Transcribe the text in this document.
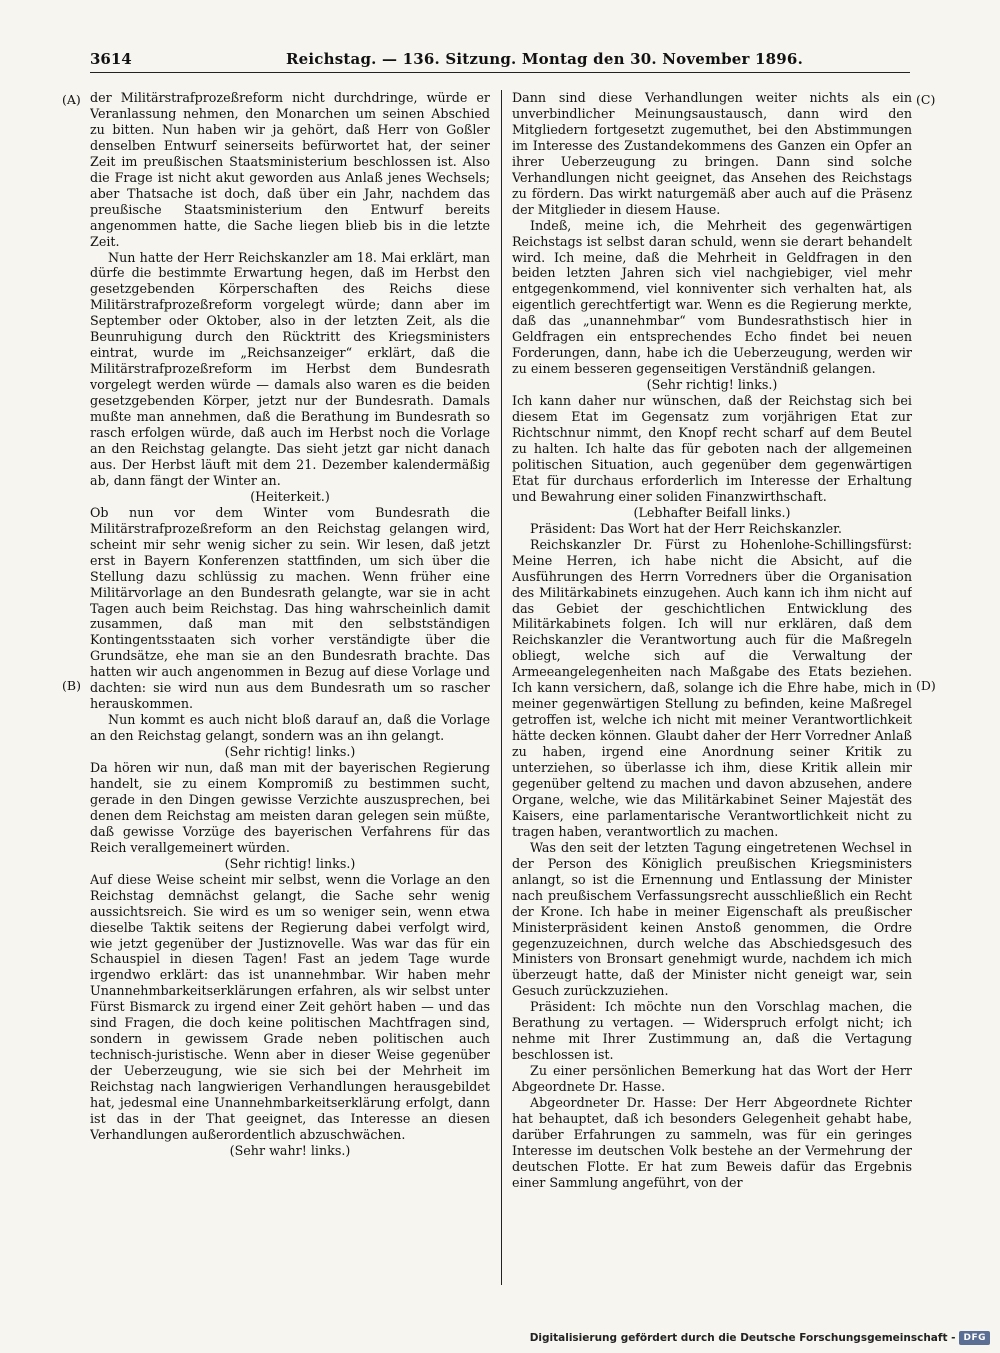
3614	Reichstag. — 136. Sitzung. Montag den 30. November 1896.
(A)
(B)
(C)
(D)

der Militärstrafprozeßreform nicht durchdringe, würde er Veranlassung nehmen, den Monarchen um seinen Abschied zu bitten. Nun haben wir ja gehört, daß Herr von Goßler denselben Entwurf seinerseits befürwortet hat, der seiner Zeit im preußischen Staatsministerium beschlossen ist. Also die Frage ist nicht akut geworden aus Anlaß jenes Wechsels; aber Thatsache ist doch, daß über ein Jahr, nachdem das preußische Staatsministerium den Entwurf bereits angenommen hatte, die Sache liegen blieb bis in die letzte Zeit.

Nun hatte der Herr Reichskanzler am 18. Mai erklärt, man dürfe die bestimmte Erwartung hegen, daß im Herbst den gesetzgebenden Körperschaften des Reichs diese Militärstrafprozeßreform vorgelegt würde; dann aber im September oder Oktober, also in der letzten Zeit, als die Beunruhigung durch den Rücktritt des Kriegsministers eintrat, wurde im „Reichsanzeiger“ erklärt, daß die Militärstrafprozeßreform im Herbst dem Bundesrath vorgelegt werden würde — damals also waren es die beiden gesetzgebenden Körper, jetzt nur der Bundesrath. Damals mußte man annehmen, daß die Berathung im Bundesrath so rasch erfolgen würde, daß auch im Herbst noch die Vorlage an den Reichstag gelangte. Das sieht jetzt gar nicht danach aus. Der Herbst läuft mit dem 21. Dezember kalendermäßig ab, dann fängt der Winter an.

(Heiterkeit.)

Ob nun vor dem Winter vom Bundesrath die Militärstrafprozeßreform an den Reichstag gelangen wird, scheint mir sehr wenig sicher zu sein. Wir lesen, daß jetzt erst in Bayern Konferenzen stattfinden, um sich über die Stellung dazu schlüssig zu machen. Wenn früher eine Militärvorlage an den Bundesrath gelangte, war sie in acht Tagen auch beim Reichstag. Das hing wahrscheinlich damit zusammen, daß man mit den selbstständigen Kontingentsstaaten sich vorher verständigte über die Grundsätze, ehe man sie an den Bundesrath brachte. Das hatten wir auch angenommen in Bezug auf diese Vorlage und dachten: sie wird nun aus dem Bundesrath um so rascher herauskommen.

Nun kommt es auch nicht bloß darauf an, daß die Vorlage an den Reichstag gelangt, sondern was an ihn gelangt.

(Sehr richtig! links.)

Da hören wir nun, daß man mit der bayerischen Regierung handelt, sie zu einem Kompromiß zu bestimmen sucht, gerade in den Dingen gewisse Verzichte auszusprechen, bei denen dem Reichstag am meisten daran gelegen sein müßte, daß gewisse Vorzüge des bayerischen Verfahrens für das Reich verallgemeinert würden.

(Sehr richtig! links.)

Auf diese Weise scheint mir selbst, wenn die Vorlage an den Reichstag demnächst gelangt, die Sache sehr wenig aussichtsreich. Sie wird es um so weniger sein, wenn etwa dieselbe Taktik seitens der Regierung dabei verfolgt wird, wie jetzt gegenüber der Justiznovelle. Was war das für ein Schauspiel in diesen Tagen! Fast an jedem Tage wurde irgendwo erklärt: das ist unannehmbar. Wir haben mehr Unannehmbarkeitserklärungen erfahren, als wir selbst unter Fürst Bismarck zu irgend einer Zeit gehört haben — und das sind Fragen, die doch keine politischen Machtfragen sind, sondern in gewissem Grade neben politischen auch technisch-juristische. Wenn aber in dieser Weise gegenüber der Ueberzeugung, wie sie sich bei der Mehrheit im Reichstag nach langwierigen Verhandlungen herausgebildet hat, jedesmal eine Unannehmbarkeitserklärung erfolgt, dann ist das in der That geeignet, das Interesse an diesen Verhandlungen außerordentlich abzuschwächen.

(Sehr wahr! links.)

Dann sind diese Verhandlungen weiter nichts als ein unverbindlicher Meinungsaustausch, dann wird den Mitgliedern fortgesetzt zugemuthet, bei den Abstimmungen im Interesse des Zustandekommens des Ganzen ein Opfer an ihrer Ueberzeugung zu bringen. Dann sind solche Verhandlungen nicht geeignet, das Ansehen des Reichstags zu fördern. Das wirkt naturgemäß aber auch auf die Präsenz der Mitglieder in diesem Hause.

Indeß, meine ich, die Mehrheit des gegenwärtigen Reichstags ist selbst daran schuld, wenn sie derart behandelt wird. Ich meine, daß die Mehrheit in Geldfragen in den beiden letzten Jahren sich viel nachgiebiger, viel mehr entgegenkommend, viel konniventer sich verhalten hat, als eigentlich gerechtfertigt war. Wenn es die Regierung merkte, daß das „unannehmbar“ vom Bundesrathstisch hier in Geldfragen ein entsprechendes Echo findet bei neuen Forderungen, dann, habe ich die Ueberzeugung, werden wir zu einem besseren gegenseitigen Verständniß gelangen.

(Sehr richtig! links.)

Ich kann daher nur wünschen, daß der Reichstag sich bei diesem Etat im Gegensatz zum vorjährigen Etat zur Richtschnur nimmt, den Knopf recht scharf auf dem Beutel zu halten. Ich halte das für geboten nach der allgemeinen politischen Situation, auch gegenüber dem gegenwärtigen Etat für durchaus erforderlich im Interesse der Erhaltung und Bewahrung einer soliden Finanzwirthschaft.

(Lebhafter Beifall links.)

Präsident: Das Wort hat der Herr Reichskanzler.

Reichskanzler Dr. Fürst zu Hohenlohe-Schillingsfürst: Meine Herren, ich habe nicht die Absicht, auf die Ausführungen des Herrn Vorredners über die Organisation des Militärkabinets einzugehen. Auch kann ich ihm nicht auf das Gebiet der geschichtlichen Entwicklung des Militärkabinets folgen. Ich will nur erklären, daß dem Reichskanzler die Verantwortung auch für die Maßregeln obliegt, welche sich auf die Verwaltung der Armeeangelegenheiten nach Maßgabe des Etats beziehen. Ich kann versichern, daß, solange ich die Ehre habe, mich in meiner gegenwärtigen Stellung zu befinden, keine Maßregel getroffen ist, welche ich nicht mit meiner Verantwortlichkeit hätte decken können. Glaubt daher der Herr Vorredner Anlaß zu haben, irgend eine Anordnung seiner Kritik zu unterziehen, so überlasse ich ihm, diese Kritik allein mir gegenüber geltend zu machen und davon abzusehen, andere Organe, welche, wie das Militärkabinet Seiner Majestät des Kaisers, eine parlamentarische Verantwortlichkeit nicht zu tragen haben, verantwortlich zu machen.

Was den seit der letzten Tagung eingetretenen Wechsel in der Person des Königlich preußischen Kriegsministers anlangt, so ist die Ernennung und Entlassung der Minister nach preußischem Verfassungsrecht ausschließlich ein Recht der Krone. Ich habe in meiner Eigenschaft als preußischer Ministerpräsident keinen Anstoß genommen, die Ordre gegenzuzeichnen, durch welche das Abschiedsgesuch des Ministers von Bronsart genehmigt wurde, nachdem ich mich überzeugt hatte, daß der Minister nicht geneigt war, sein Gesuch zurückzuziehen.

Präsident: Ich möchte nun den Vorschlag machen, die Berathung zu vertagen. — Widerspruch erfolgt nicht; ich nehme mit Ihrer Zustimmung an, daß die Vertagung beschlossen ist.

Zu einer persönlichen Bemerkung hat das Wort der Herr Abgeordnete Dr. Hasse.

Abgeordneter Dr. Hasse: Der Herr Abgeordnete Richter hat behauptet, daß ich besonders Gelegenheit gehabt habe, darüber Erfahrungen zu sammeln, was für ein geringes Interesse im deutschen Volk bestehe an der Vermehrung der deutschen Flotte. Er hat zum Beweis dafür das Ergebnis einer Sammlung angeführt, von der

Digitalisierung gefördert durch die Deutsche Forschungsgemeinschaft - DFG
